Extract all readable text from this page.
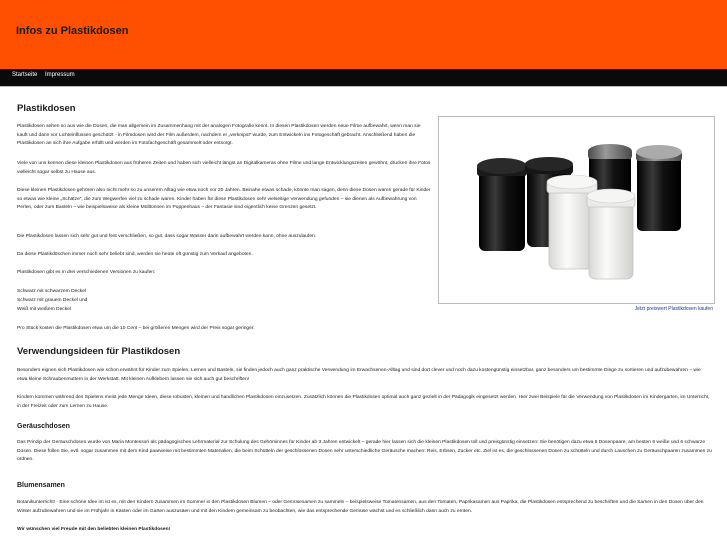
Infos zu Plastikdosen
Startseite Impressum
Plastikdosen
Plastikdosen sehen so aus wie die Dosen, die man allgemein im Zusammenhang mit der analogen Fotografie kennt. In diesen Plastikdosen werden neue Filme aufbewahrt, wenn man sie kauft und dann vor Lichteinflüssen geschützt - in Filmdosen wird der Film außerdem, nachdem er „verknipst“ wurde, zum Entwickeln ins Fotogeschäft gebracht. Anschließend haben die Plastikdosen an sich ihre Aufgabe erfüllt und werden im Fotofachgeschäft gesammelt oder entsorgt.
Viele von uns kennen diese kleinen Plastikdosen aus früheren Zeiten und haben sich vielleicht längst an Digitalkameras ohne Filme und lange Entwicklungszeiten gewöhnt, drucken ihre Fotos vielleicht sogar selbst zu Hause aus.
Diese kleinen Plastikdosen gehören also nicht mehr so zu unserem Alltag wie etwa noch vor 20 Jahren. Beinahe etwas schade, könnte man sagen, denn diese Dosen waren gerade für Kinder so etwas wie kleine „Schätze“, die zum Wegwerfen viel zu schade waren. Kinder haben für diese Plastikdosen sehr vielseitige Verwendung gefunden – sie dienen als Aufbewahrung von Perlen, oder zum Basteln – wie beispielsweise als kleine Mülltonnen im Puppenhaus – der Fantasie sind eigentlich keine Grenzen gesetzt.
Die Plastikdosen lassen sich sehr gut und fest verschließen, so gut, dass sogar Wasser darin aufbewahrt werden kann, ohne auszulaufen.
Da diese Plastikdöschen immer noch sehr beliebt sind, werden sie heute oft günstig zum Verkauf angeboten.
Plastikdosen gibt es in drei verschiedenen Versionen zu kaufen:
Schwarz mit schwarzem Deckel
Schwarz mit grauem Deckel und
Weiß mit weißem Deckel
Pro Stück kosten die Plastikdosen etwa um die 10 Cent – bei größeren Mengen wird der Preis sogar geringer.
Jetzt preiswert Plastikdosen kaufen
Verwendungsideen für Plastikdosen
Besonders eignen sich Plastikdosen wie schon erwähnt für Kinder zum Spielen, Lernen und Basteln, sie finden jedoch auch ganz praktische Verwendung im Erwachsenen-Alltag und sind dort clever und noch dazu kostengünstig einsetzbar, ganz besonders um bestimmte Dinge zu sortieren und aufzubewahren – wie etwa kleine Schraubenmuttern in der Werkstatt. Mit kleinen Aufklebern lassen sie sich auch gut beschriften!
Kindern kommen während des Spielens meist jede Menge Ideen, diese robusten, kleinen und handlichen Plastikdosen einzusetzen. Zusätzlich können die Plastikdosen optimal auch ganz gezielt in der Pädagogik eingesetzt werden. Hier zwei Beispiele für die Verwendung von Plastikdosen im Kindergarten, im Unterricht, in der Freizeit oder zum Lernen zu Hause.
Geräuschdosen
Das Prinzip der Geräuschdosen wurde von Maria Montessori als pädagogisches Lehrmaterial zur Schulung des Gehörsinnes für Kinder ab 3 Jahren entwickelt – gerade hier lassen sich die kleinen Plastikdosen toll und preisgünstig einsetzen: Sie benötigen dazu etwa 6 Dosenpaare, am besten 6 weiße und 6 schwarze Dosen. Diese füllen Sie, evtl. sogar zusammen mit dem Kind paarweise mit bestimmten Materialien, die beim Schütteln der geschlossenen Dosen sehr unterschiedliche Geräusche machen: Reis, Erbsen, Zucker etc. Ziel ist es, die geschlossenen Dosen zu schütteln und durch Lauschen zu Geräuschpaaren zusammen zu ordnen.
Blumensamen
Botanikunterricht! · Eine schöne Idee im ist es, mit den Kindern zusammen im Sommer in den Plastikdosen Blumen – oder Gemüsesamen zu sammeln – beispielsweise Tomatensamen, aus den Tomaten, Paprikasamen aus Paprika, die Plastikdosen entsprechend zu beschriften und die Samen in den Dosen über den Winter aufzubewahren und sie im Frühjahr in Kästen oder im Garten auszusäen und mit den Kindern gemeinsam zu beobachten, wie das entsprechende Gemüse wächst und es schließlich dann auch zu ernten.
Wir wünschen viel Freude mit den beliebten kleinen Plastikdosen!
